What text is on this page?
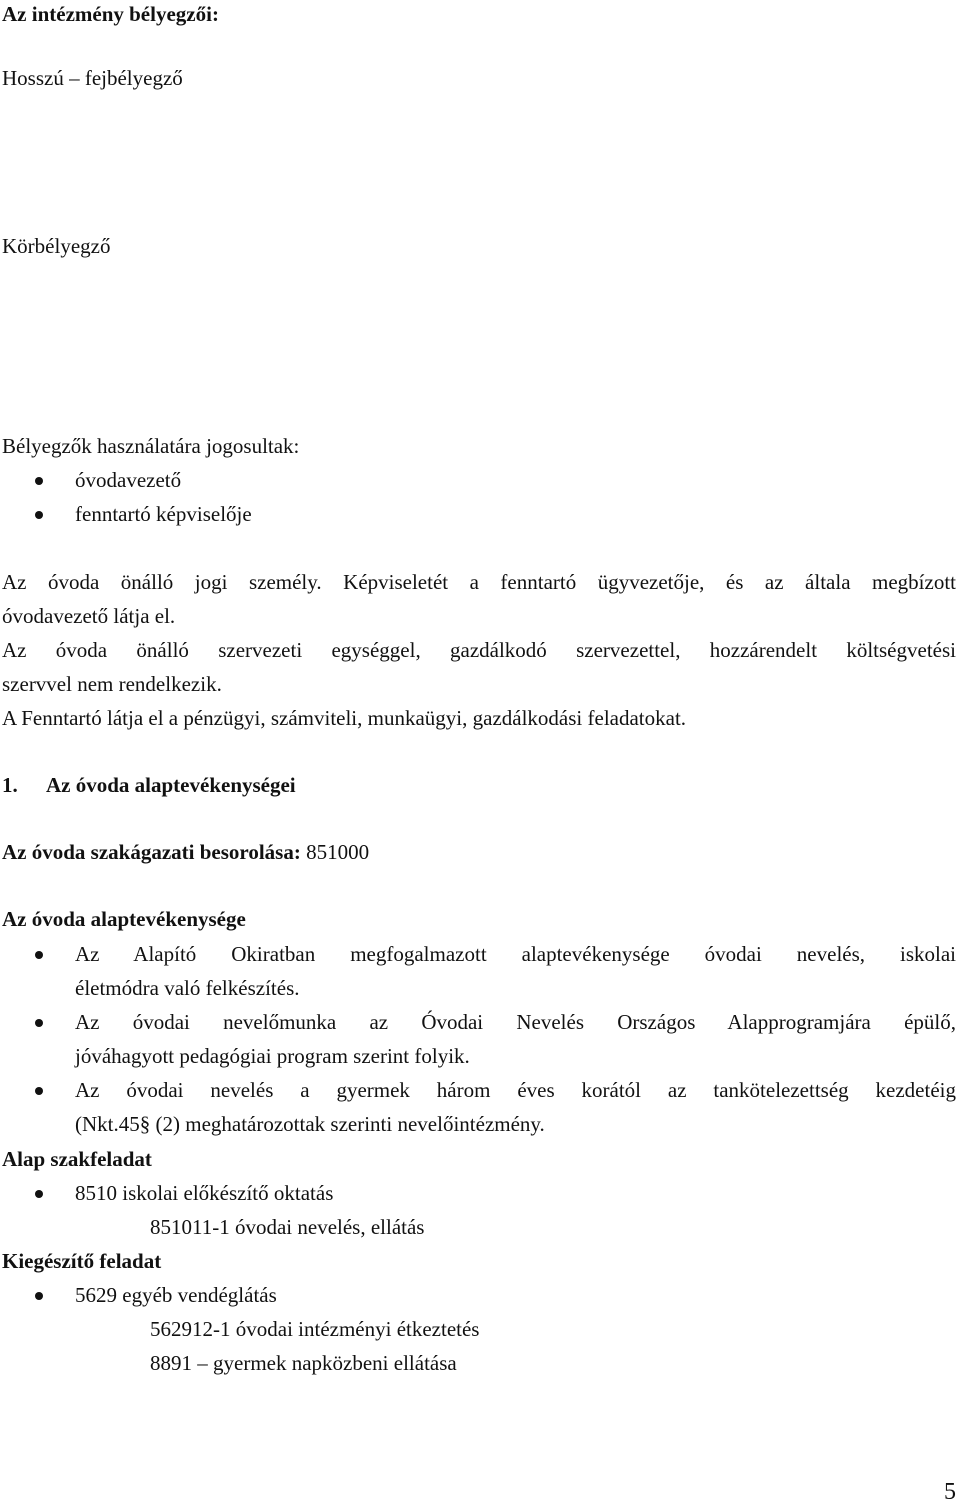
Az intézmény bélyegzői:
Hosszú – fejbélyegző
Körbélyegző
Bélyegzők használatára jogosultak:
óvodavezető
fenntartó képviselője
Az óvoda önálló jogi személy. Képviseletét a fenntartó ügyvezetője, és az általa megbízott
óvodavezető látja el.
Az óvoda önálló szervezeti egységgel, gazdálkodó szervezettel, hozzárendelt költségvetési
szervvel nem rendelkezik.
A Fenntartó látja el a pénzügyi, számviteli, munkaügyi, gazdálkodási feladatokat.
1.	Az óvoda alaptevékenységei
Az óvoda szakágazati besorolása: 851000
Az óvoda alaptevékenysége
Az Alapító Okiratban megfogalmazott alaptevékenysége óvodai nevelés, iskolai
életmódra való felkészítés.
Az óvodai nevelőmunka az Óvodai Nevelés Országos Alapprogramjára épülő,
jóváhagyott pedagógiai program szerint folyik.
Az óvodai nevelés a gyermek három éves korától az tankötelezettség kezdetéig
(Nkt.45§ (2) meghatározottak szerinti nevelőintézmény.
Alap szakfeladat
8510 iskolai előkészítő oktatás
851011-1 óvodai nevelés, ellátás
Kiegészítő feladat
5629 egyéb vendéglátás
562912-1 óvodai intézményi étkeztetés
8891 – gyermek napközbeni ellátása
5
